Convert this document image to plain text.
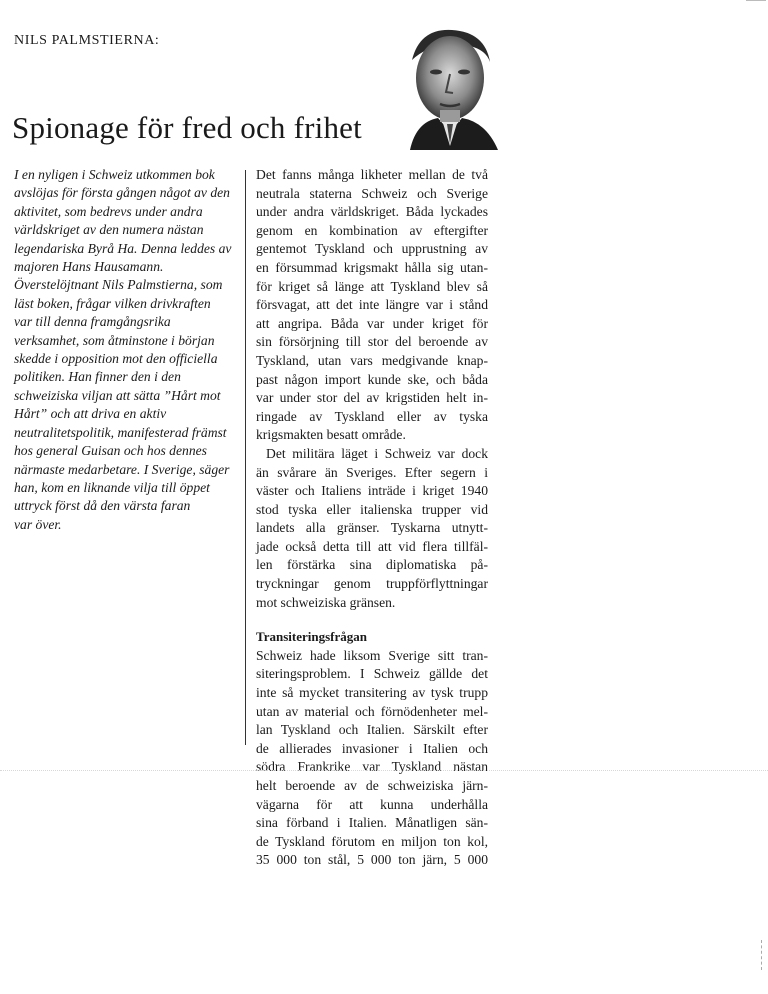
NILS PALMSTIERNA:

Spionage för fred och frihet
I en nyligen i Schweiz utkommen bok
avslöjas för första gången något av den
aktivitet, som bedrevs under andra
världskriget av den numera nästan
legendariska Byrå Ha. Denna leddes av
majoren Hans Hausamann.
Överstelöjtnant Nils Palmstierna, som
läst boken, frågar vilken drivkraften
var till denna framgångsrika
verksamhet, som åtminstone i början
skedde i opposition mot den officiella
politiken. Han finner den i den
schweiziska viljan att sätta ”Hårt mot
Hårt” och att driva en aktiv
neutralitetspolitik, manifesterad främst
hos general Guisan och hos dennes
närmaste medarbetare. I Sverige, säger
han, kom en liknande vilja till öppet
uttryck först då den värsta faran
var över.
Det fanns många likheter mellan de två
neutrala staterna Schweiz och Sverige
under andra världskriget. Båda lyckades
genom en kombination av eftergifter
gentemot Tyskland och upprustning av
en försummad krigsmakt hålla sig utan-
för kriget så länge att Tyskland blev så
försvagat, att det inte längre var i stånd
att angripa. Båda var under kriget för
sin försörjning till stor del beroende av
Tyskland, utan vars medgivande knap-
past någon import kunde ske, och båda
var under stor del av krigstiden helt in-
ringade av Tyskland eller av tyska
krigsmakten besatt område.
Det militära läget i Schweiz var dock
än svårare än Sveriges. Efter segern i
väster och Italiens inträde i kriget 1940
stod tyska eller italienska trupper vid
landets alla gränser. Tyskarna utnytt-
jade också detta till att vid flera tillfäl-
len förstärka sina diplomatiska på-
tryckningar genom truppförflyttningar
mot schweiziska gränsen.
Transiteringsfrågan
Schweiz hade liksom Sverige sitt tran-
siteringsproblem. I Schweiz gällde det
inte så mycket transitering av tysk trupp
utan av material och förnödenheter mel-
lan Tyskland och Italien. Särskilt efter
de allierades invasioner i Italien och
södra Frankrike var Tyskland nästan
helt beroende av de schweiziska järn-
vägarna för att kunna underhålla
sina förband i Italien. Månatligen sän-
de Tyskland förutom en miljon ton kol,
35 000 ton stål, 5 000 ton järn, 5 000
